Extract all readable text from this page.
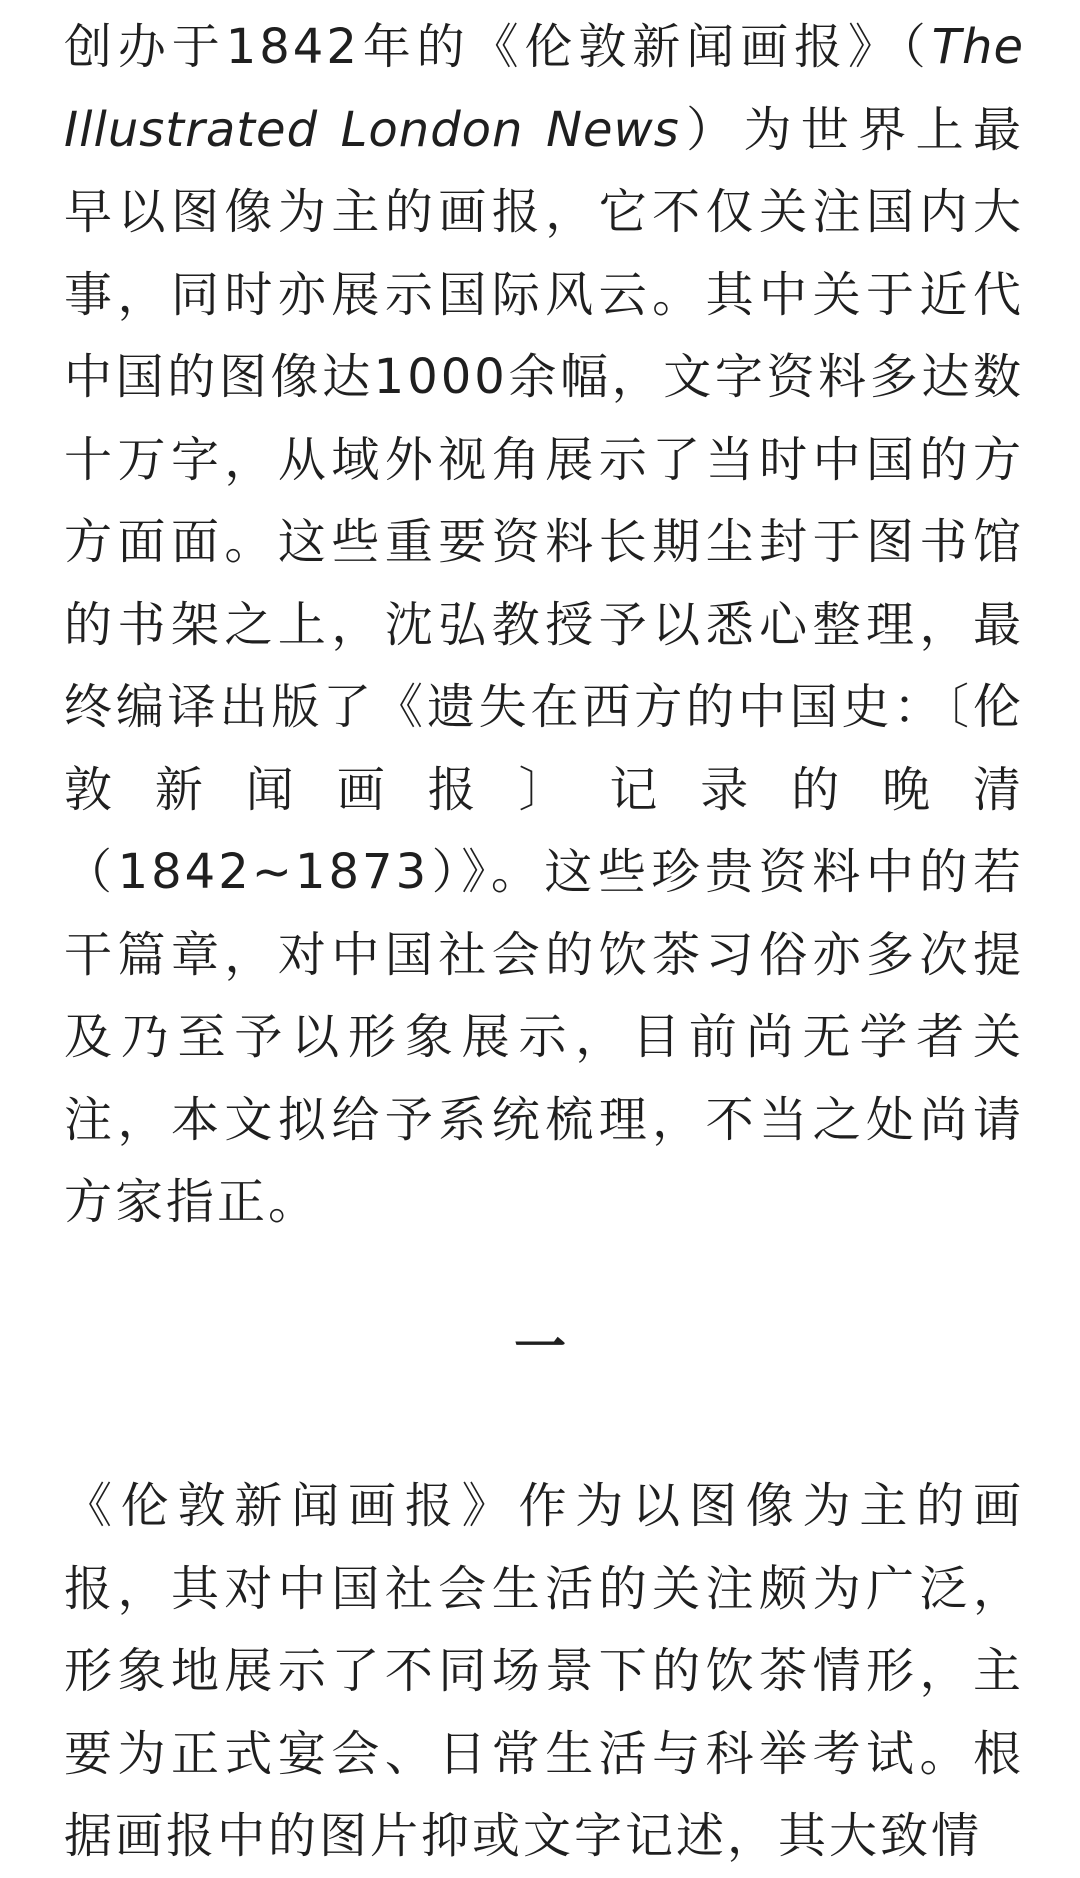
创办于1842年的《伦敦新闻画报》（The Illustrated London News）为世界上最早以图像为主的画报，它不仅关注国内大事，同时亦展示国际风云。其中关于近代中国的图像达1000余幅，文字资料多达数十万字，从域外视角展示了当时中国的方方面面。这些重要资料长期尘封于图书馆的书架之上，沈弘教授予以悉心整理，最终编译出版了《遗失在西方的中国史：〔伦敦新闻画报〕记录的晚清（1842~1873）》。这些珍贵资料中的若干篇章，对中国社会的饮茶习俗亦多次提及乃至予以形象展示，目前尚无学者关注，本文拟给予系统梳理，不当之处尚请方家指正。

一

《伦敦新闻画报》作为以图像为主的画报，其对中国社会生活的关注颇为广泛，形象地展示了不同场景下的饮茶情形，主要为正式宴会、日常生活与科举考试。根据画报中的图片抑或文字记述，其大致情
